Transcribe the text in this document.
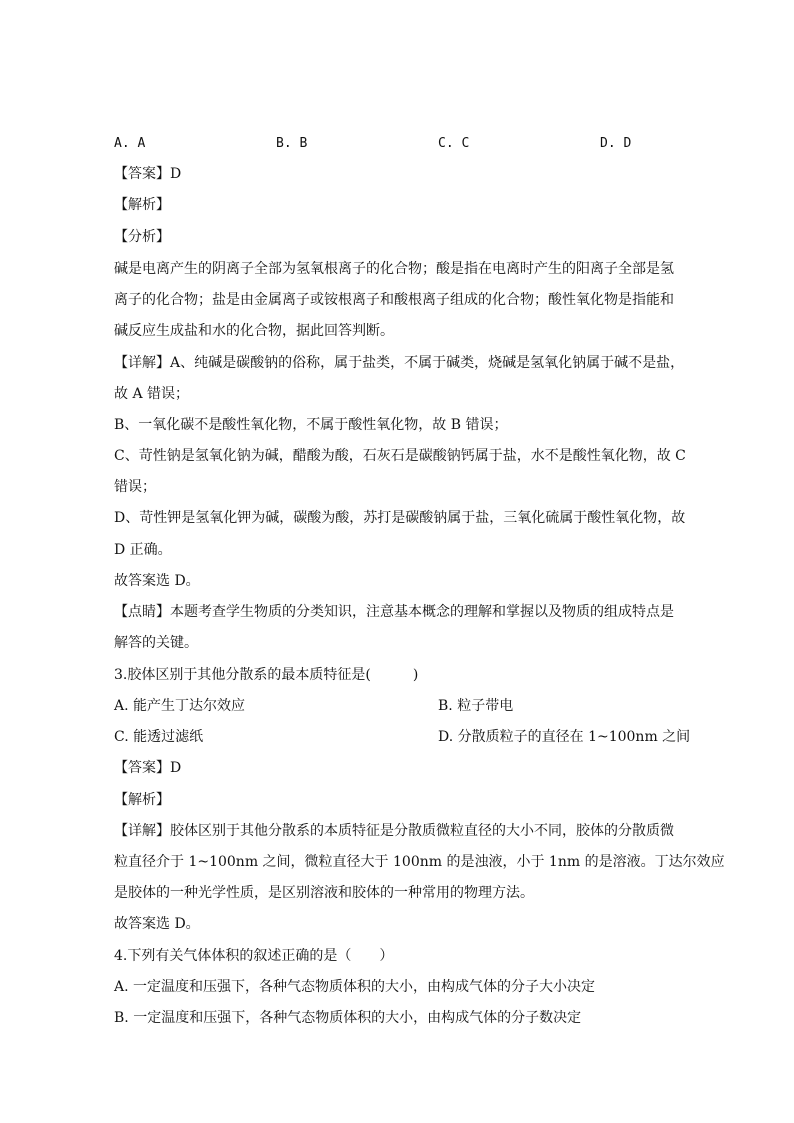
A. A	B. B	C. C	D. D
【答案】D
【解析】
【分析】
碱是电离产生的阴离子全部为氢氧根离子的化合物；酸是指在电离时产生的阳离子全部是氢
离子的化合物；盐是由金属离子或铵根离子和酸根离子组成的化合物；酸性氧化物是指能和
碱反应生成盐和水的化合物，据此回答判断。
【详解】A、纯碱是碳酸钠的俗称，属于盐类，不属于碱类，烧碱是氢氧化钠属于碱不是盐，
故 A 错误；
B、一氧化碳不是酸性氧化物，不属于酸性氧化物，故 B 错误；
C、苛性钠是氢氧化钠为碱，醋酸为酸，石灰石是碳酸钠钙属于盐，水不是酸性氧化物，故 C
错误；
D、苛性钾是氢氧化钾为碱，碳酸为酸，苏打是碳酸钠属于盐，三氧化硫属于酸性氧化物，故
D 正确。
故答案选 D。
【点睛】本题考查学生物质的分类知识，注意基本概念的理解和掌握以及物质的组成特点是
解答的关键。
3.胶体区别于其他分散系的最本质特征是(　　　)
A. 能产生丁达尔效应	B. 粒子带电
C. 能透过滤纸	D. 分散质粒子的直径在 1~100nm 之间
【答案】D
【解析】
【详解】胶体区别于其他分散系的本质特征是分散质微粒直径的大小不同，胶体的分散质微
粒直径介于 1~100nm 之间，微粒直径大于 100nm 的是浊液，小于 1nm 的是溶液。丁达尔效应
是胶体的一种光学性质，是区别溶液和胶体的一种常用的物理方法。
故答案选 D。
4.下列有关气体体积的叙述正确的是（　　）
A. 一定温度和压强下，各种气态物质体积的大小，由构成气体的分子大小决定
B. 一定温度和压强下，各种气态物质体积的大小，由构成气体的分子数决定
